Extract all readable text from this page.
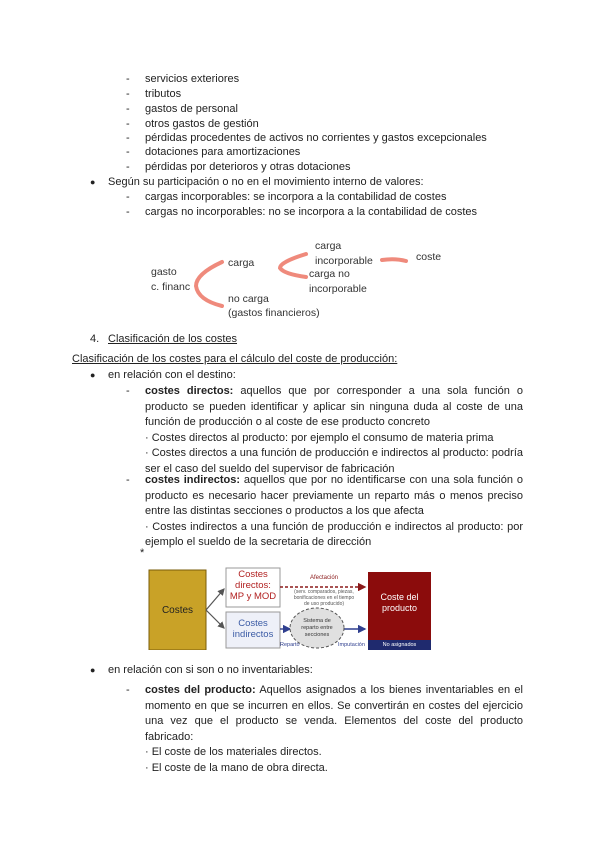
- servicios exteriores
- tributos
- gastos de personal
- otros gastos de gestión
- pérdidas procedentes de activos no corrientes y gastos excepcionales
- dotaciones para amortizaciones
- pérdidas por deterioros y otras dotaciones
● Según su participación o no en el movimiento interno de valores:
- cargas incorporables: se incorpora a la contabilidad de costes
- cargas no incorporables: no se incorpora a la contabilidad de costes
gasto
c. financ
carga
no carga
(gastos financieros)
carga
incorporable
carga no
incorporable
coste
4. Clasificación de los costes
Clasificación de los costes para el cálculo del coste de producción:
● en relación con el destino:
- costes directos: aquellos que por corresponder a una sola función o
producto se pueden identificar y aplicar sin ninguna duda al coste de una
función de producción o al coste de ese producto concreto
· Costes directos al producto: por ejemplo el consumo de materia prima
· Costes directos a una función de producción e indirectos al producto: podría
ser el caso del sueldo del supervisor de fabricación
- costes indirectos: aquellos que por no identificarse con una sola función o
producto es necesario hacer previamente un reparto más o menos preciso
entre las distintas secciones o productos a los que afecta
· Costes indirectos a una función de producción e indirectos al producto: por
ejemplo el sueldo de la secretaria de dirección
*
Costes
Costes
directos:
MP y MOD
Costes
indirectos
Coste del
producto
No asignados
Afectación
(serv. comparados, piezas,
bonificaciones en el tiempo
de uso producido)
Sistema de
reparto entre
secciones
Reparto	Imputación
● en relación con si son o no inventariables:
- costes del producto: Aquellos asignados a los bienes inventariables en el
momento en que se incurren en ellos. Se convertirán en costes del ejercicio
una vez que el producto se venda. Elementos del coste del producto
fabricado:
· El coste de los materiales directos.
· El coste de la mano de obra directa.
